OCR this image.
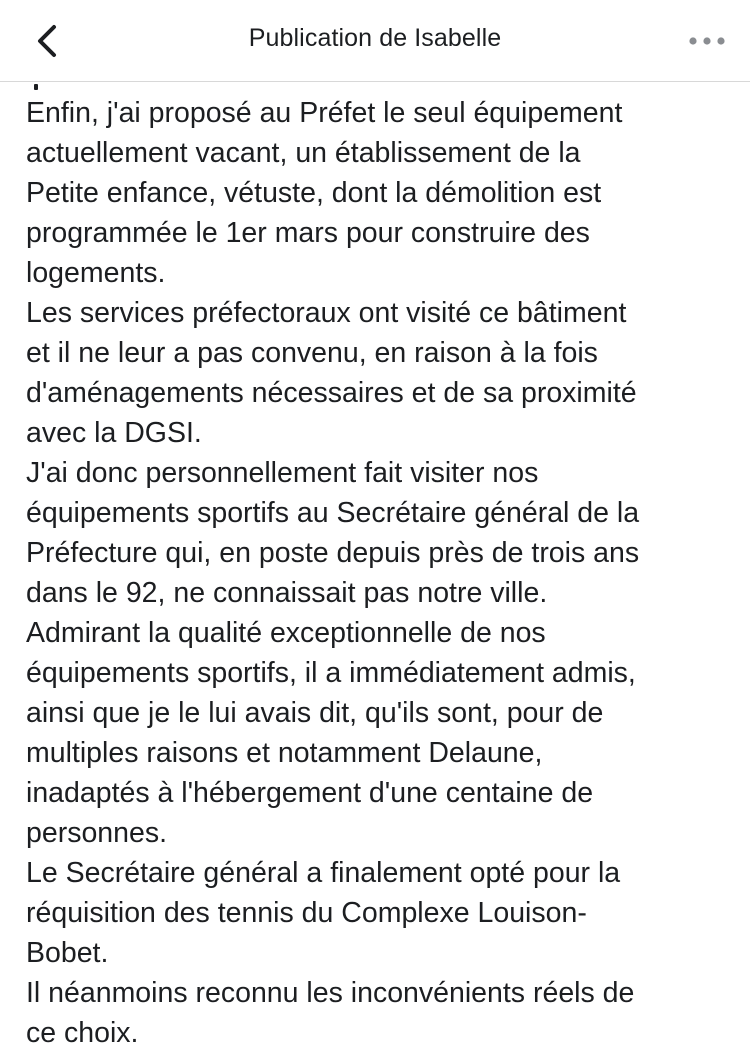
Publication de Isabelle

Enfin, j'ai proposé au Préfet le seul équipement
actuellement vacant, un établissement de la
Petite enfance, vétuste, dont la démolition est
programmée le 1er mars pour construire des
logements.

Les services préfectoraux ont visité ce bâtiment
et il ne leur a pas convenu, en raison à la fois
d'aménagements nécessaires et de sa proximité
avec la DGSI.

J'ai donc personnellement fait visiter nos
équipements sportifs au Secrétaire général de la
Préfecture qui, en poste depuis près de trois ans
dans le 92, ne connaissait pas notre ville.

Admirant la qualité exceptionnelle de nos
équipements sportifs, il a immédiatement admis,
ainsi que je le lui avais dit, qu'ils sont, pour de
multiples raisons et notamment Delaune,
inadaptés à l'hébergement d'une centaine de
personnes.

Le Secrétaire général a finalement opté pour la
réquisition des tennis du Complexe Louison-
Bobet.

Il néanmoins reconnu les inconvénients réels de
ce choix.
